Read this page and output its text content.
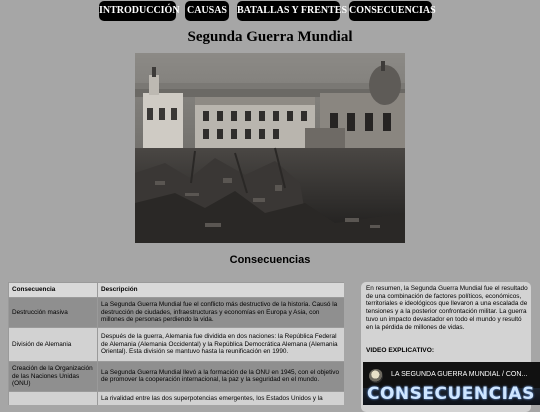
INTRODUCCIÓN CAUSAS BATALLAS Y FRENTES CONSECUENCIAS
Segunda Guerra Mundial
Consecuencias
Consecuencia	Descripción
Destrucción masiva	La Segunda Guerra Mundial fue el conflicto más destructivo de la historia. Causó la destrucción de ciudades, infraestructuras y economías en Europa y Asia, con millones de personas perdiendo la vida.
División de Alemania	Después de la guerra, Alemania fue dividida en dos naciones: la República Federal de Alemania (Alemania Occidental) y la República Democrática Alemana (Alemania Oriental). Esta división se mantuvo hasta la reunificación en 1990.
Creación de la Organización de las Naciones Unidas (ONU)	La Segunda Guerra Mundial llevó a la formación de la ONU en 1945, con el objetivo de promover la cooperación internacional, la paz y la seguridad en el mundo.
	La rivalidad entre las dos superpotencias emergentes, los Estados Unidos y la
En resumen, la Segunda Guerra Mundial fue el resultado de una combinación de factores políticos, económicos, territoriales e ideológicos que llevaron a una escalada de tensiones y a la posterior confrontación militar. La guerra tuvo un impacto devastador en todo el mundo y resultó en la pérdida de millones de vidas.
VIDEO EXPLICATIVO:
LA SEGUNDA GUERRA MUNDIAL / CON...
CONSECUENCIAS
